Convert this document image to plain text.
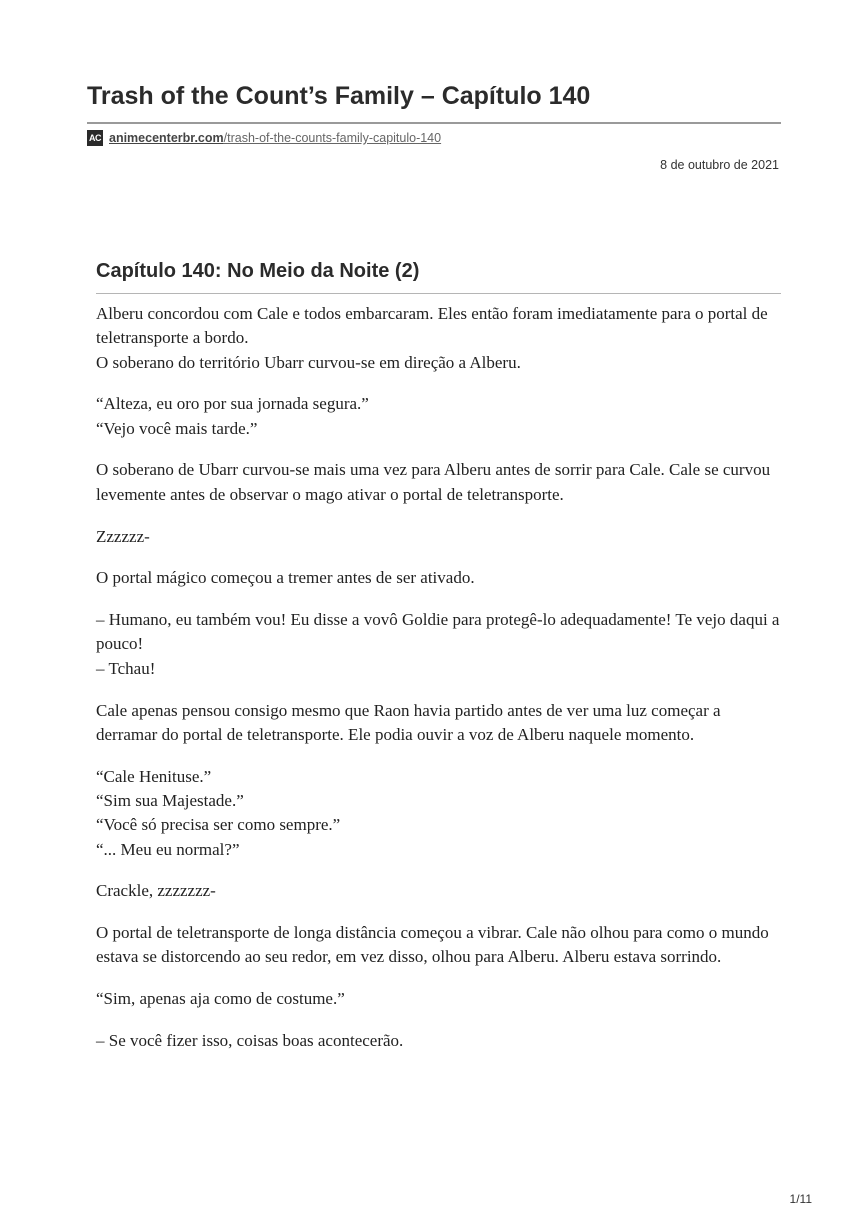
Trash of the Count’s Family – Capítulo 140
AC animecenterbr.com /trash-of-the-counts-family-capitulo-140
8 de outubro de 2021
Capítulo 140: No Meio da Noite (2)

Alberu concordou com Cale e todos embarcaram. Eles então foram imediatamente para o portal de teletransporte a bordo.
O soberano do território Ubarr curvou-se em direção a Alberu.

“Alteza, eu oro por sua jornada segura.”
“Vejo você mais tarde.”

O soberano de Ubarr curvou-se mais uma vez para Alberu antes de sorrir para Cale. Cale se curvou levemente antes de observar o mago ativar o portal de teletransporte.

Zzzzzz-

O portal mágico começou a tremer antes de ser ativado.

– Humano, eu também vou! Eu disse a vovô Goldie para protegê-lo adequadamente! Te vejo daqui a pouco!
– Tchau!

Cale apenas pensou consigo mesmo que Raon havia partido antes de ver uma luz começar a derramar do portal de teletransporte. Ele podia ouvir a voz de Alberu naquele momento.

“Cale Henituse.”
“Sim sua Majestade.”
“Você só precisa ser como sempre.”
“... Meu eu normal?”

Crackle, zzzzzzz-

O portal de teletransporte de longa distância começou a vibrar. Cale não olhou para como o mundo estava se distorcendo ao seu redor, em vez disso, olhou para Alberu. Alberu estava sorrindo.

“Sim, apenas aja como de costume.”

– Se você fizer isso, coisas boas acontecerão.

1/11
